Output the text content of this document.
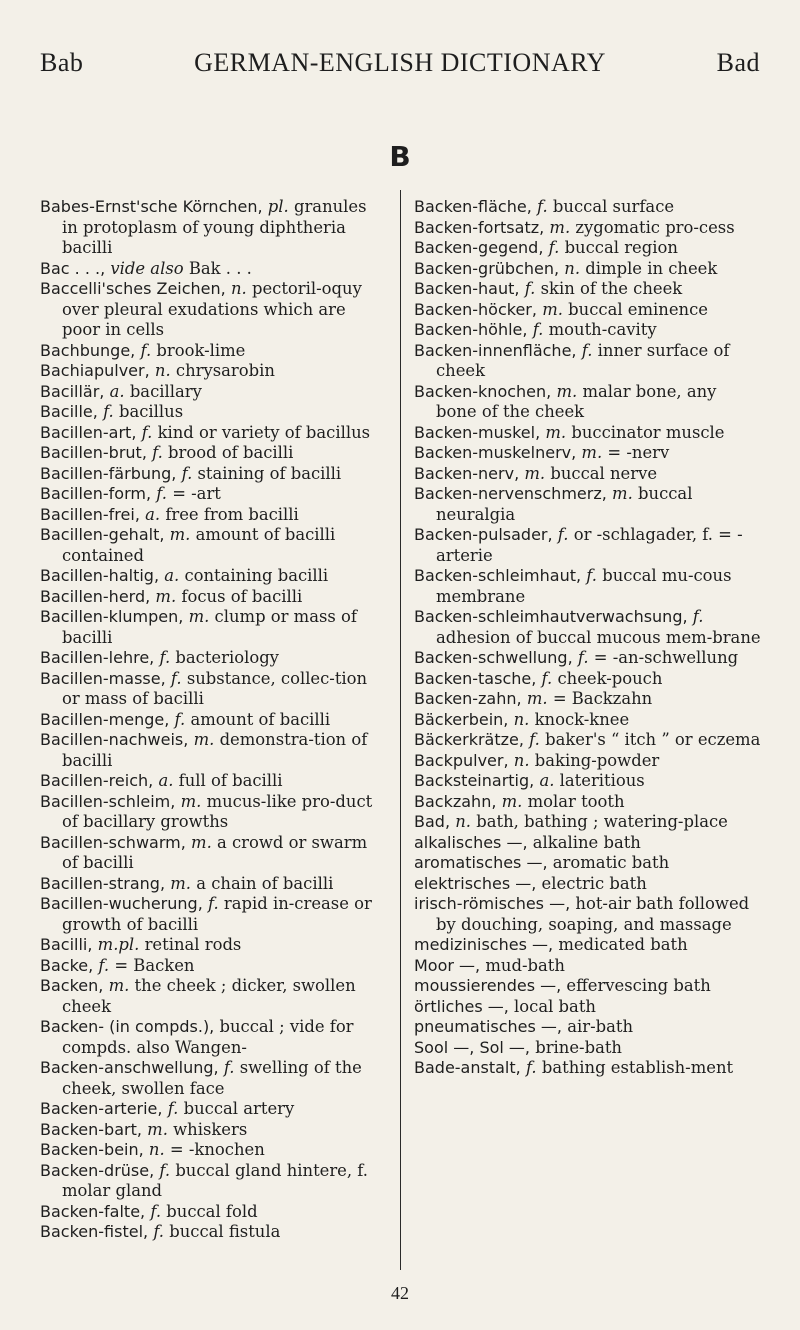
Bab	GERMAN-ENGLISH DICTIONARY	Bad
B
Babes-Ernst'sche Körnchen, pl. granules in protoplasm of young diphtheria bacilli
Bac . . ., vide also Bak . . .
Baccelli'sches Zeichen, n. pectoril-oquy over pleural exudations which are poor in cells
Bachbunge, f. brook-lime
Bachiapulver, n. chrysarobin
Bacillär, a. bacillary
Bacille, f. bacillus
Bacillen-art, f. kind or variety of bacillus
Bacillen-brut, f. brood of bacilli
Bacillen-färbung, f. staining of bacilli
Bacillen-form, f. = -art
Bacillen-frei, a. free from bacilli
Bacillen-gehalt, m. amount of bacilli contained
Bacillen-haltig, a. containing bacilli
Bacillen-herd, m. focus of bacilli
Bacillen-klumpen, m. clump or mass of bacilli
Bacillen-lehre, f. bacteriology
Bacillen-masse, f. substance, collec-tion or mass of bacilli
Bacillen-menge, f. amount of bacilli
Bacillen-nachweis, m. demonstra-tion of bacilli
Bacillen-reich, a. full of bacilli
Bacillen-schleim, m. mucus-like pro-duct of bacillary growths
Bacillen-schwarm, m. a crowd or swarm of bacilli
Bacillen-strang, m. a chain of bacilli
Bacillen-wucherung, f. rapid in-crease or growth of bacilli
Bacilli, m.pl. retinal rods
Backe, f. = Backen
Backen, m. the cheek ; dicker, swollen cheek
Backen- (in compds.), buccal ; vide for compds. also Wangen-
Backen-anschwellung, f. swelling of the cheek, swollen face
Backen-arterie, f. buccal artery
Backen-bart, m. whiskers
Backen-bein, n. = -knochen
Backen-drüse, f. buccal gland hintere, f. molar gland
Backen-falte, f. buccal fold
Backen-fistel, f. buccal fistula
Backen-fläche, f. buccal surface
Backen-fortsatz, m. zygomatic pro-cess
Backen-gegend, f. buccal region
Backen-grübchen, n. dimple in cheek
Backen-haut, f. skin of the cheek
Backen-höcker, m. buccal eminence
Backen-höhle, f. mouth-cavity
Backen-innenfläche, f. inner surface of cheek
Backen-knochen, m. malar bone, any bone of the cheek
Backen-muskel, m. buccinator muscle
Backen-muskelnerv, m. = -nerv
Backen-nerv, m. buccal nerve
Backen-nervenschmerz, m. buccal neuralgia
Backen-pulsader, f. or -schlagader, f. = -arterie
Backen-schleimhaut, f. buccal mu-cous membrane
Backen-schleimhautverwachsung, f. adhesion of buccal mucous mem-brane
Backen-schwellung, f. = -an-schwellung
Backen-tasche, f. cheek-pouch
Backen-zahn, m. = Backzahn
Bäckerbein, n. knock-knee
Bäckerkrätze, f. baker's “ itch ” or eczema
Backpulver, n. baking-powder
Backsteinartig, a. lateritious
Backzahn, m. molar tooth
Bad, n. bath, bathing ; watering-place
alkalisches —, alkaline bath
aromatisches —, aromatic bath
elektrisches —, electric bath
irisch-römisches —, hot-air bath followed by douching, soaping, and massage
medizinisches —, medicated bath
Moor —, mud-bath
moussierendes —, effervescing bath
örtliches —, local bath
pneumatisches —, air-bath
Sool —, Sol —, brine-bath
Bade-anstalt, f. bathing establish-ment
42
